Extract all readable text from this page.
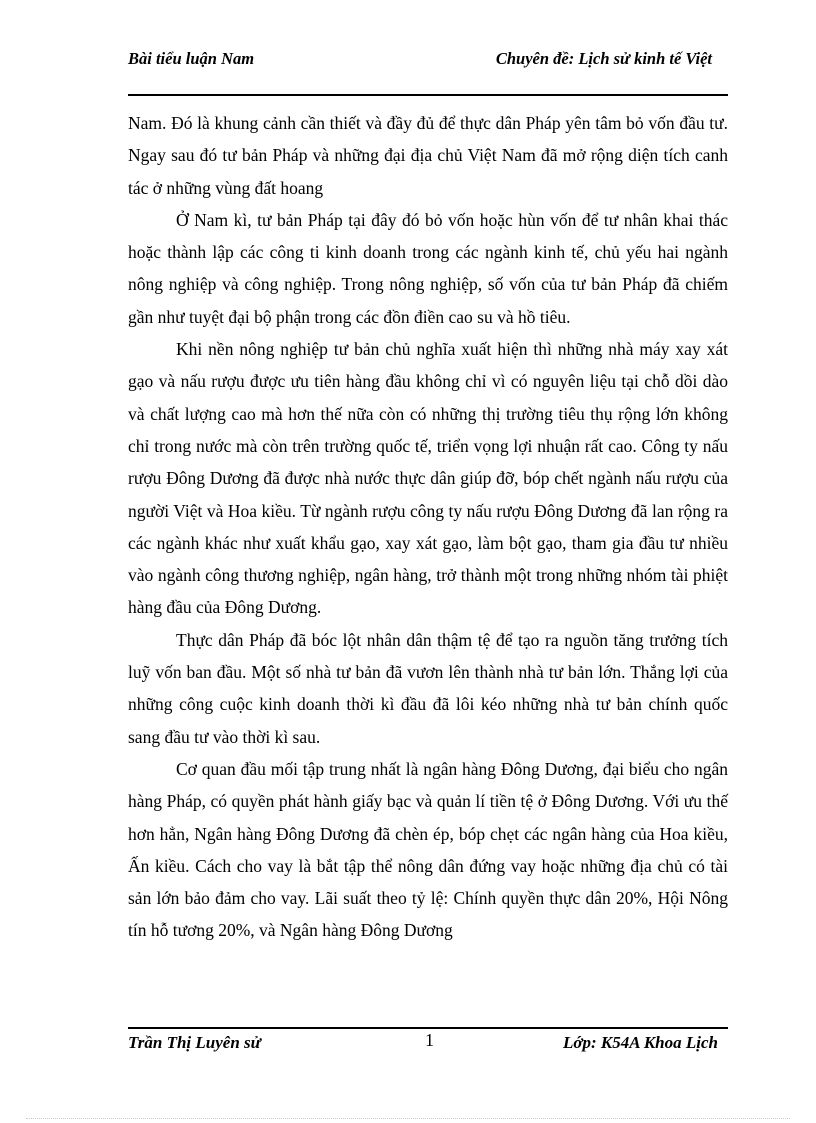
Bài tiểu luận Nam	Chuyên đề: Lịch sử kinh tế Việt

Nam. Đó là khung cảnh cần thiết và đầy đủ để thực dân Pháp yên tâm bỏ vốn đầu tư. Ngay sau đó tư bản Pháp và những đại địa chủ Việt Nam đã mở rộng diện tích canh tác ở những vùng đất hoang

Ở Nam kì, tư bản Pháp tại đây đó bỏ vốn hoặc hùn vốn để tư nhân khai thác hoặc thành lập các công ti kinh doanh trong các ngành kinh tế, chủ yếu hai ngành nông nghiệp và công nghiệp. Trong nông nghiệp, số vốn của tư bản Pháp đã chiếm gần như tuyệt đại bộ phận trong các đồn điền cao su và hồ tiêu.

Khi nền nông nghiệp tư bản chủ nghĩa xuất hiện thì những nhà máy xay xát gạo và nấu rượu được ưu tiên hàng đầu không chỉ vì có nguyên liệu tại chỗ dồi dào và chất lượng cao mà hơn thế nữa còn có những thị trường tiêu thụ rộng lớn không chỉ trong nước mà còn trên trường quốc tế, triển vọng lợi nhuận rất cao. Công ty nấu rượu Đông Dương đã được nhà nước thực dân giúp đỡ, bóp chết ngành nấu rượu của người Việt và Hoa kiều. Từ ngành rượu công ty nấu rượu Đông Dương đã lan rộng ra các ngành khác như xuất khẩu gạo, xay xát gạo, làm bột gạo, tham gia đầu tư nhiều vào ngành công thương nghiệp, ngân hàng, trở thành một trong những nhóm tài phiệt hàng đầu của Đông Dương.

Thực dân Pháp đã bóc lột nhân dân thậm tệ để tạo ra nguồn tăng trưởng tích luỹ vốn ban đầu. Một số nhà tư bản đã vươn lên thành nhà tư bản lớn. Thắng lợi của những công cuộc kinh doanh thời kì đầu đã lôi kéo những nhà tư bản chính quốc sang đầu tư vào thời kì sau.

Cơ quan đầu mối tập trung nhất là ngân hàng Đông Dương, đại biểu cho ngân hàng Pháp, có quyền phát hành giấy bạc và quản lí tiền tệ ở Đông Dương. Với ưu thế hơn hẳn, Ngân hàng Đông Dương đã chèn ép, bóp chẹt các ngân hàng của Hoa kiều, Ấn kiều. Cách cho vay là bắt tập thể nông dân đứng vay hoặc những địa chủ có tài sản lớn bảo đảm cho vay. Lãi suất theo tỷ lệ: Chính quyền thực dân 20%, Hội Nông tín hỗ tương 20%, và Ngân hàng Đông Dương

Trần Thị Luyên sử	1	Lớp: K54A Khoa Lịch
